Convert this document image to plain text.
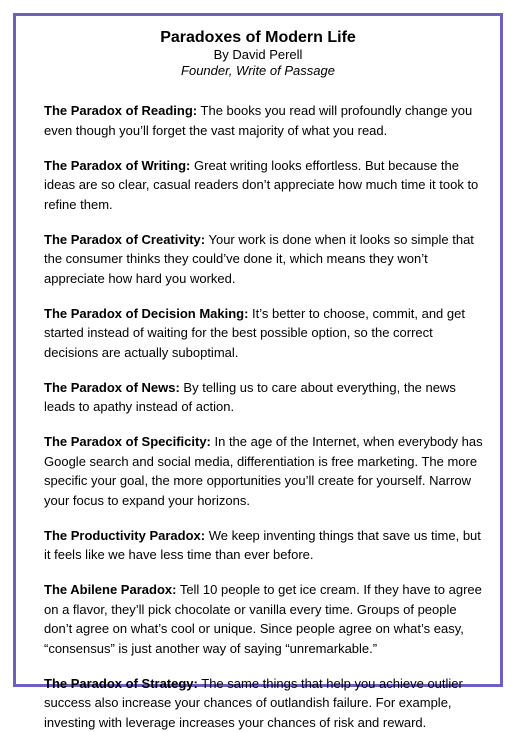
Paradoxes of Modern Life
By David Perell
Founder, Write of Passage

The Paradox of Reading: The books you read will profoundly change you even though you’ll forget the vast majority of what you read.

The Paradox of Writing: Great writing looks effortless. But because the ideas are so clear, casual readers don’t appreciate how much time it took to refine them.

The Paradox of Creativity: Your work is done when it looks so simple that the consumer thinks they could’ve done it, which means they won’t appreciate how hard you worked.

The Paradox of Decision Making: It’s better to choose, commit, and get started instead of waiting for the best possible option, so the correct decisions are actually suboptimal.

The Paradox of News: By telling us to care about everything, the news leads to apathy instead of action.

The Paradox of Specificity: In the age of the Internet, when everybody has Google search and social media, differentiation is free marketing. The more specific your goal, the more opportunities you’ll create for yourself. Narrow your focus to expand your horizons.

The Productivity Paradox: We keep inventing things that save us time, but it feels like we have less time than ever before.

The Abilene Paradox: Tell 10 people to get ice cream. If they have to agree on a flavor, they’ll pick chocolate or vanilla every time. Groups of people don’t agree on what’s cool or unique. Since people agree on what’s easy, “consensus” is just another way of saying “unremarkable.”

The Paradox of Strategy: The same things that help you achieve outlier success also increase your chances of outlandish failure. For example, investing with leverage increases your chances of risk and reward.
